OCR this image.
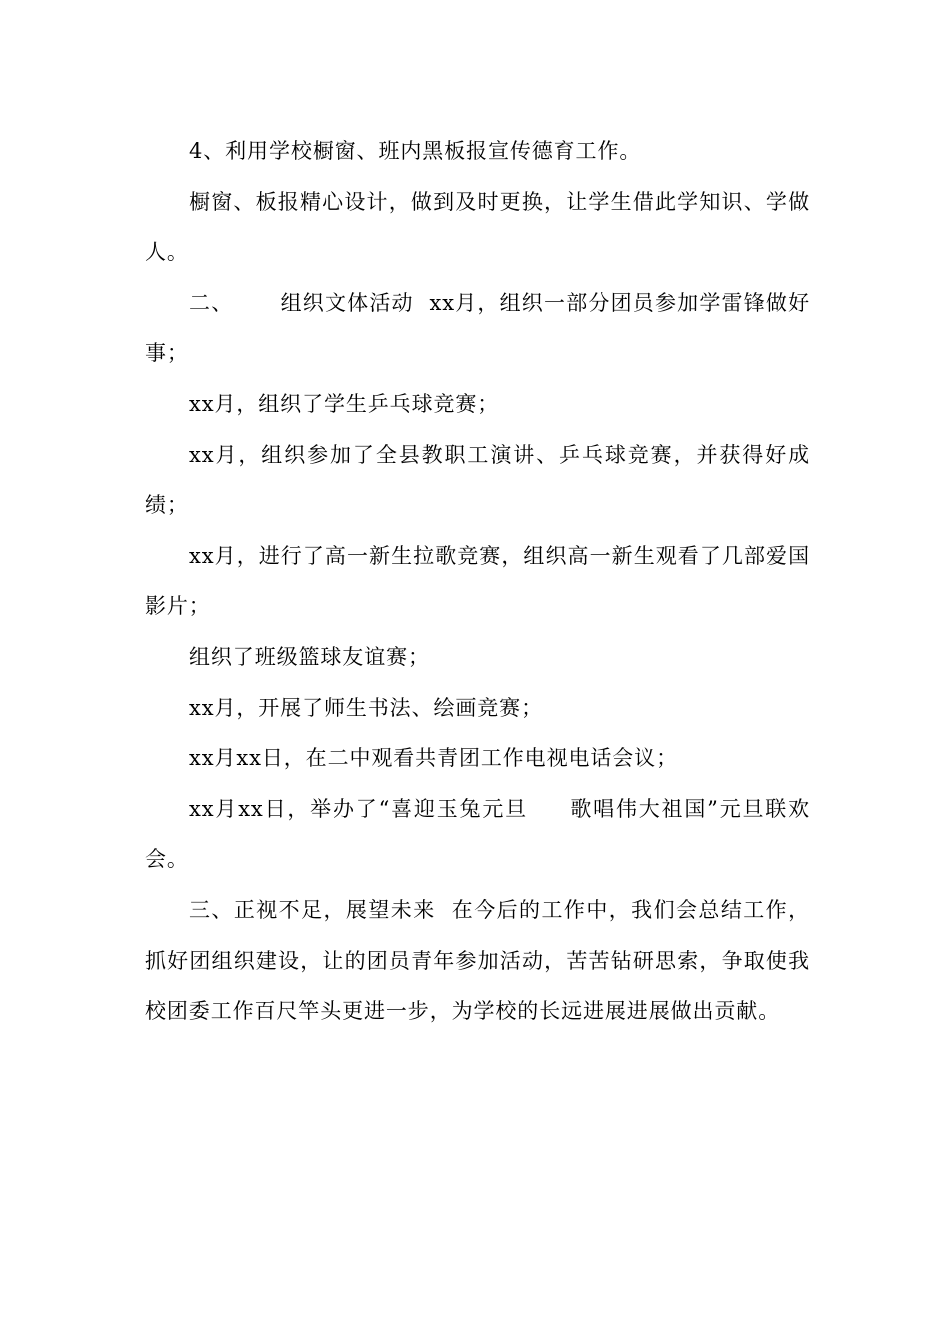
4、利用学校橱窗、班内黑板报宣传德育工作。

橱窗、板报精心设计，做到及时更换，让学生借此学知识、学做人。

二、      组织文体活动  xx月，组织一部分团员参加学雷锋做好事；

xx月，组织了学生乒乓球竞赛；

xx月，组织参加了全县教职工演讲、乒乓球竞赛，并获得好成绩；

xx月，进行了高一新生拉歌竞赛，组织高一新生观看了几部爱国影片；

组织了班级篮球友谊赛；

xx月，开展了师生书法、绘画竞赛；

xx月xx日，在二中观看共青团工作电视电话会议；

xx月xx日，举办了“喜迎玉兔元旦     歌唱伟大祖国”元旦联欢会。

三、正视不足，展望未来  在今后的工作中，我们会总结工作，抓好团组织建设，让的团员青年参加活动，苦苦钻研思索，争取使我校团委工作百尺竿头更进一步，为学校的长远进展进展做出贡献。
